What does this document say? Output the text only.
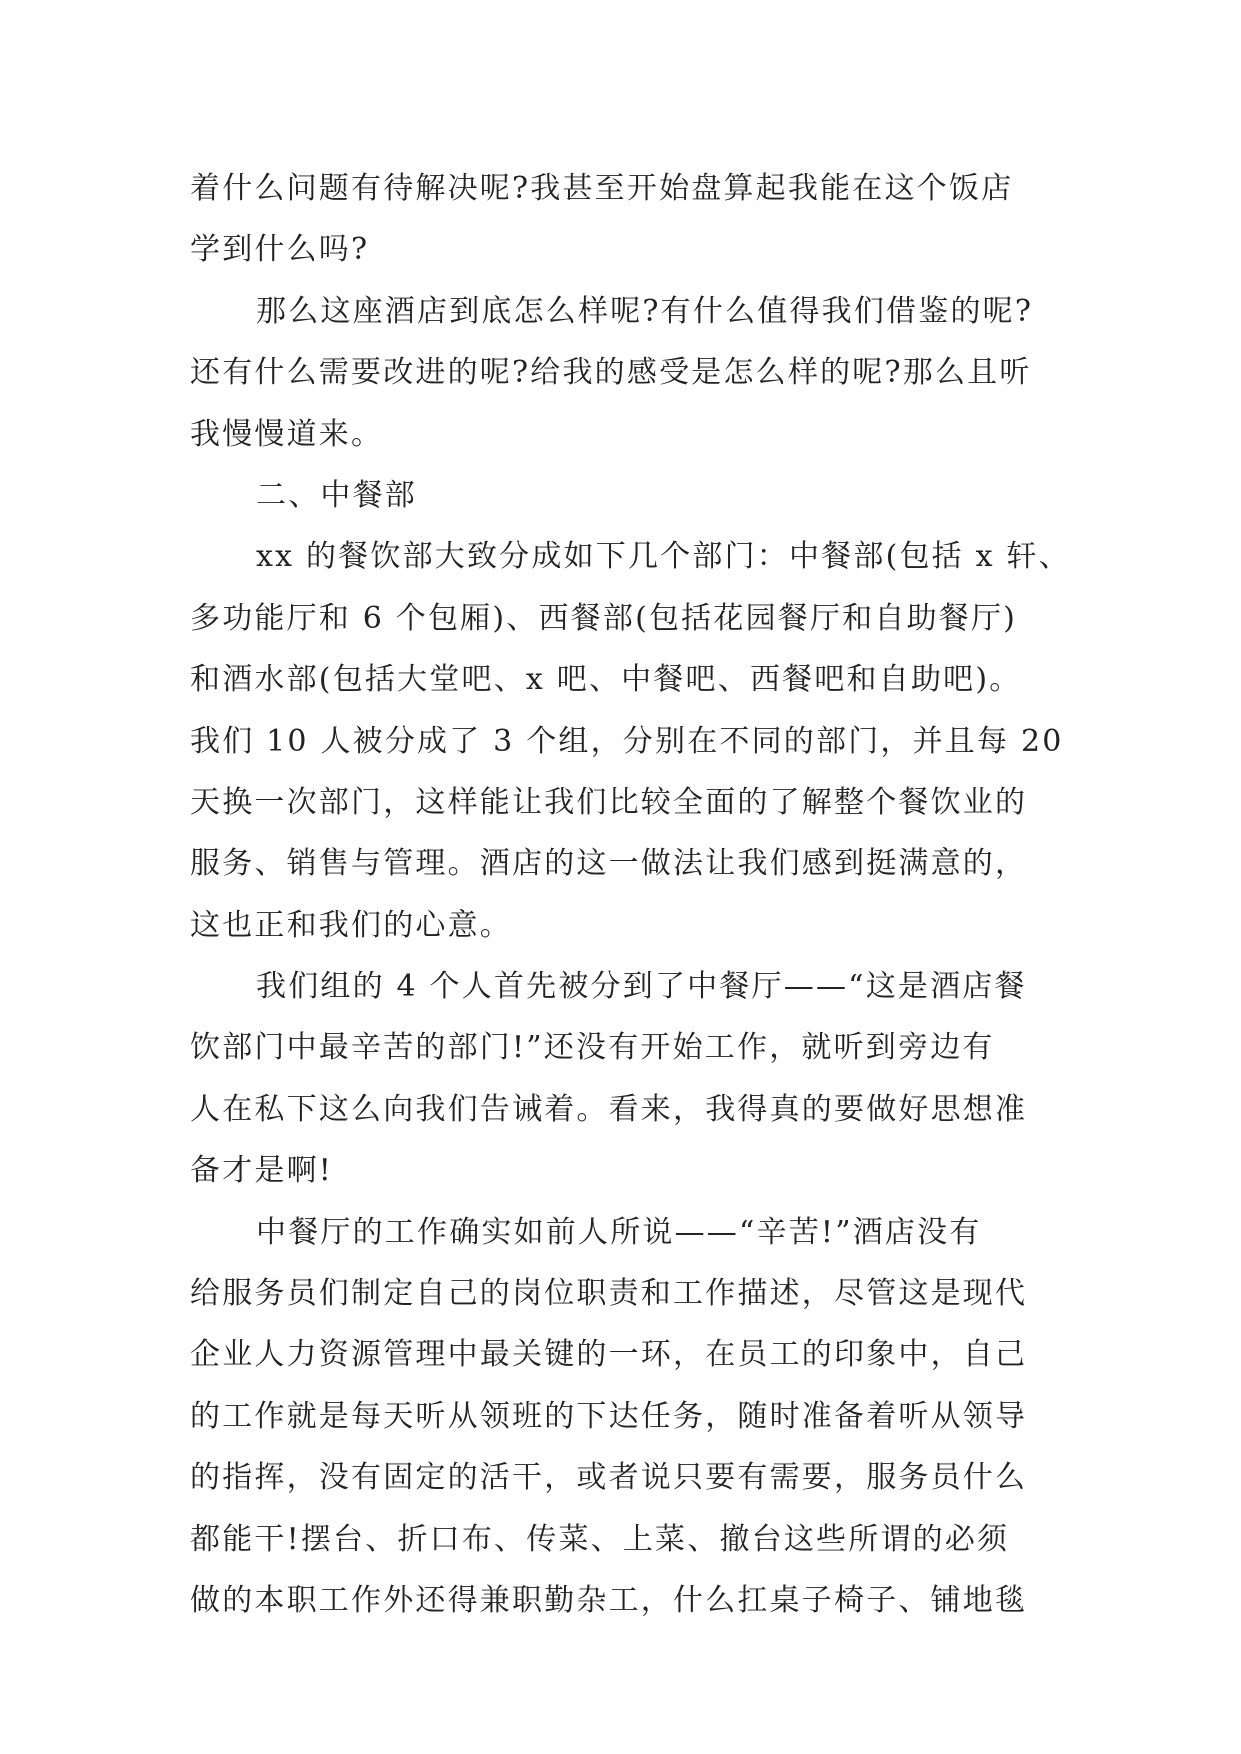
着什么问题有待解决呢?我甚至开始盘算起我能在这个饭店
学到什么吗?
那么这座酒店到底怎么样呢?有什么值得我们借鉴的呢?
还有什么需要改进的呢?给我的感受是怎么样的呢?那么且听
我慢慢道来。
二、中餐部
xx 的餐饮部大致分成如下几个部门：中餐部(包括 x 轩、
多功能厅和 6 个包厢)、西餐部(包括花园餐厅和自助餐厅)
和酒水部(包括大堂吧、x 吧、中餐吧、西餐吧和自助吧)。
我们 10 人被分成了 3 个组，分别在不同的部门，并且每 20
天换一次部门，这样能让我们比较全面的了解整个餐饮业的
服务、销售与管理。酒店的这一做法让我们感到挺满意的，
这也正和我们的心意。
我们组的 4 个人首先被分到了中餐厅——“这是酒店餐
饮部门中最辛苦的部门!”还没有开始工作，就听到旁边有
人在私下这么向我们告诫着。看来，我得真的要做好思想准
备才是啊!
中餐厅的工作确实如前人所说——“辛苦!”酒店没有
给服务员们制定自己的岗位职责和工作描述，尽管这是现代
企业人力资源管理中最关键的一环，在员工的印象中，自己
的工作就是每天听从领班的下达任务，随时准备着听从领导
的指挥，没有固定的活干，或者说只要有需要，服务员什么
都能干!摆台、折口布、传菜、上菜、撤台这些所谓的必须
做的本职工作外还得兼职勤杂工，什么扛桌子椅子、铺地毯
